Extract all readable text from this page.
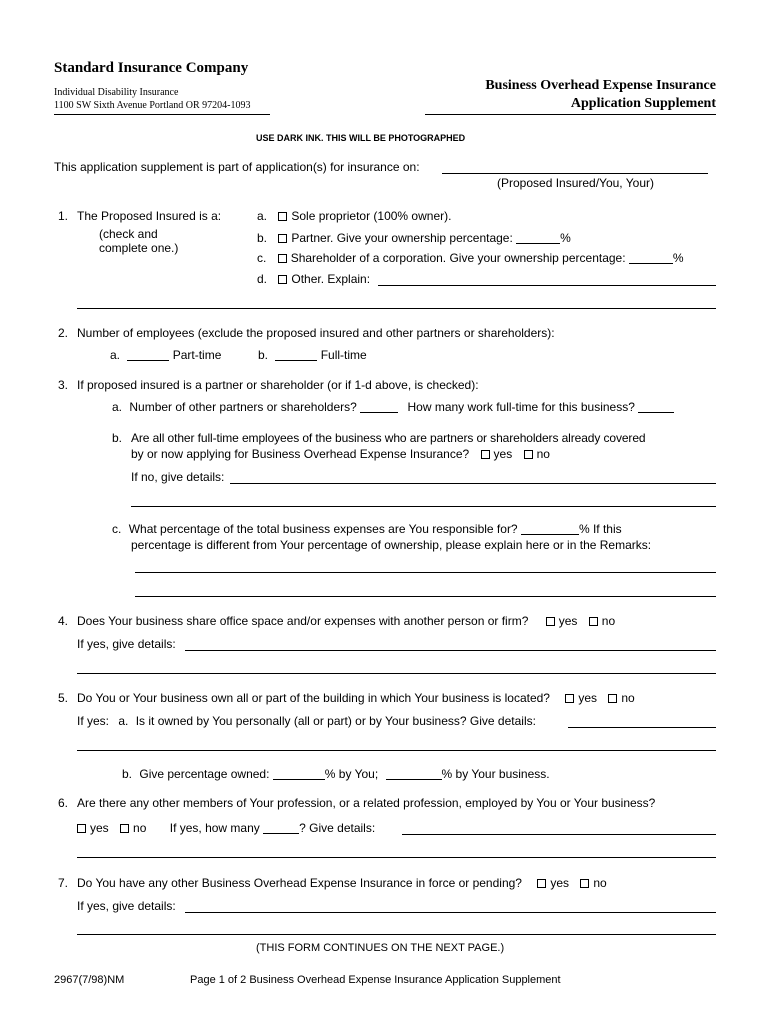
Standard Insurance Company
Individual Disability Insurance
1100 SW Sixth Avenue Portland OR 97204-1093
Business Overhead Expense Insurance
Application Supplement
USE DARK INK. THIS WILL BE PHOTOGRAPHED
This application supplement is part of application(s) for insurance on:
(Proposed Insured/You, Your)
1. The Proposed Insured is a:
(check and
complete one.)
a. Sole proprietor (100% owner).
b. Partner. Give your ownership percentage:	%
c. Shareholder of a corporation. Give your ownership percentage:	%
d. Other. Explain:
2. Number of employees (exclude the proposed insured and other partners or shareholders):
a.	Part-time	b.	Full-time
3. If proposed insured is a partner or shareholder (or if 1-d above, is checked):
a. Number of other partners or shareholders?	How many work full-time for this business?
b. Are all other full-time employees of the business who are partners or shareholders already covered
by or now applying for Business Overhead Expense Insurance? yes no
If no, give details:
c. What percentage of the total business expenses are You responsible for?	% If this
percentage is different from Your percentage of ownership, please explain here or in the Remarks:
4. Does Your business share office space and/or expenses with another person or firm?	yes no
If yes, give details:
5. Do You or Your business own all or part of the building in which Your business is located? yes no
If yes: a. Is it owned by You personally (all or part) or by Your business? Give details:
b. Give percentage owned:	% by You;	% by Your business.
6. Are there any other members of Your profession, or a related profession, employed by You or Your business?
yes no If yes, how many	? Give details:
7. Do You have any other Business Overhead Expense Insurance in force or pending? yes no
If yes, give details:
(THIS FORM CONTINUES ON THE NEXT PAGE.)
2967(7/98)NM	Page 1 of 2 Business Overhead Expense Insurance Application Supplement
